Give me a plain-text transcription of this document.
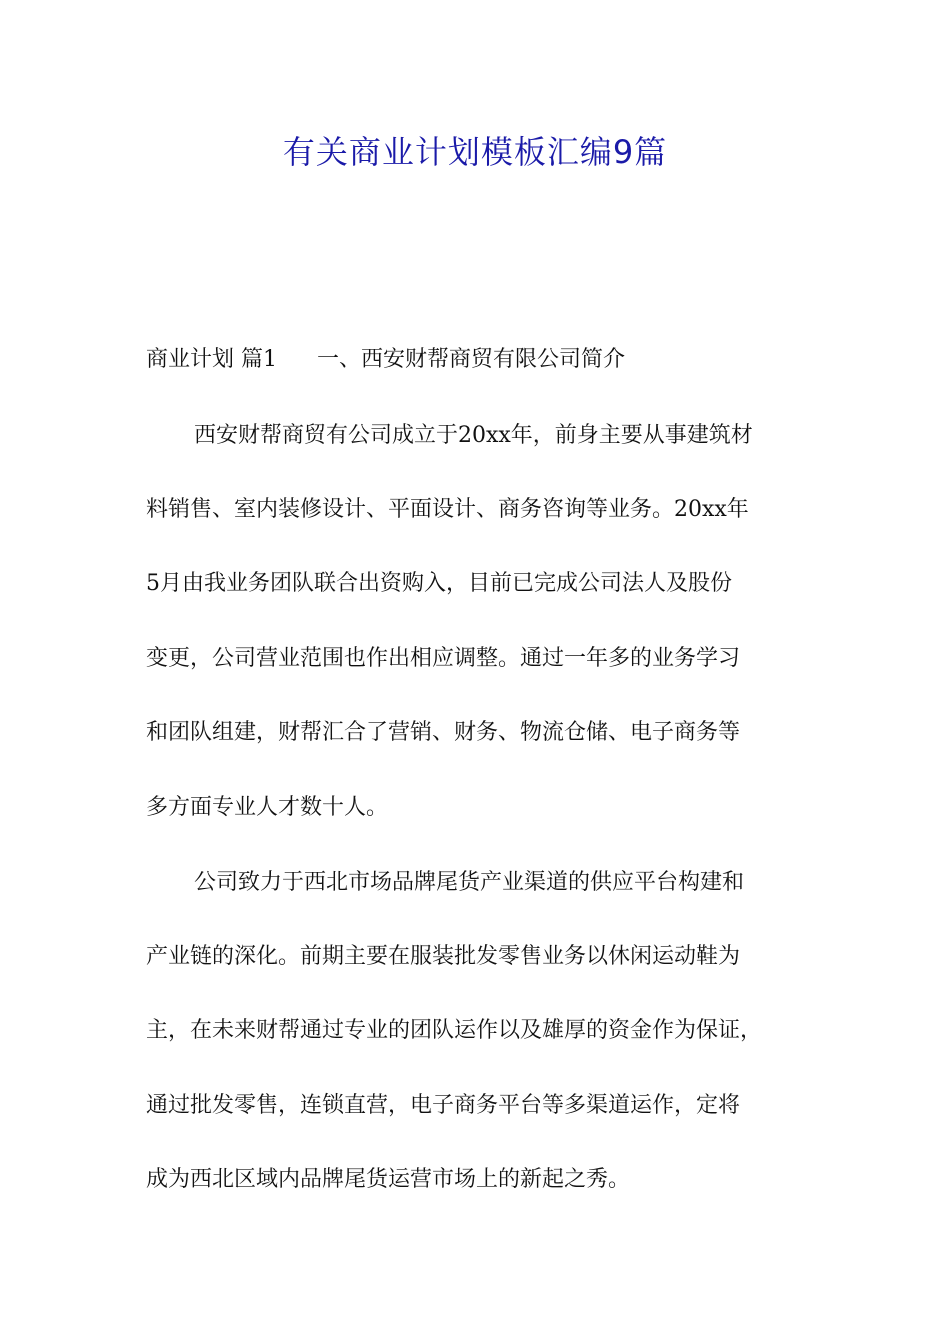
有关商业计划模板汇编9篇
商业计划 篇1 一、西安财帮商贸有限公司简介
西安财帮商贸有公司成立于20xx年，前身主要从事建筑材
料销售、室内装修设计、平面设计、商务咨询等业务。20xx年
5月由我业务团队联合出资购入，目前已完成公司法人及股份
变更，公司营业范围也作出相应调整。通过一年多的业务学习
和团队组建，财帮汇合了营销、财务、物流仓储、电子商务等
多方面专业人才数十人。
公司致力于西北市场品牌尾货产业渠道的供应平台构建和
产业链的深化。前期主要在服装批发零售业务以休闲运动鞋为
主，在未来财帮通过专业的团队运作以及雄厚的资金作为保证，
通过批发零售，连锁直营，电子商务平台等多渠道运作，定将
成为西北区域内品牌尾货运营市场上的新起之秀。
